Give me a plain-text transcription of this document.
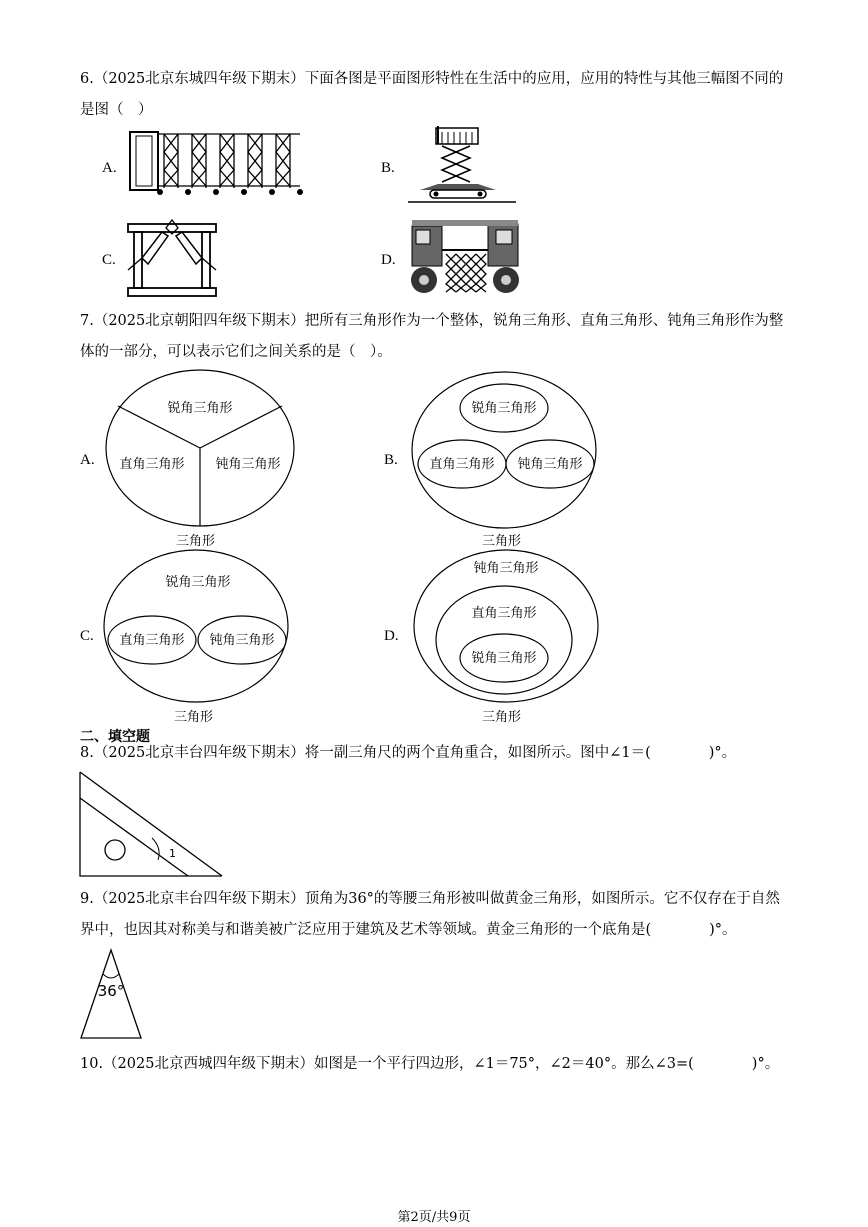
6.（2025北京东城四年级下期末）下面各图是平面图形特性在生活中的应用，应用的特性与其他三幅图不同的是图（　）
A.	B.
C.	D.
7.（2025北京朝阳四年级下期末）把所有三角形作为一个整体，锐角三角形、直角三角形、钝角三角形作为整体的一部分，可以表示它们之间关系的是（　）。
A.
锐角三角形
直角三角形 钝角三角形
三角形
B.
锐角三角形
直角三角形 钝角三角形
三角形
C.
锐角三角形
直角三角形 钝角三角形
三角形
D.
钝角三角形
直角三角形
锐角三角形
三角形
二、填空题
8.（2025北京丰台四年级下期末）将一副三角尺的两个直角重合，如图所示。图中∠1＝(　　　　)°。
1
9.（2025北京丰台四年级下期末）顶角为36°的等腰三角形被叫做黄金三角形，如图所示。它不仅存在于自然界中，也因其对称美与和谐美被广泛应用于建筑及艺术等领域。黄金三角形的一个底角是(　　　　)°。
36°
10.（2025北京西城四年级下期末）如图是一个平行四边形，∠1＝75°，∠2＝40°。那么∠3=(　　　　)°。
第2页/共9页
